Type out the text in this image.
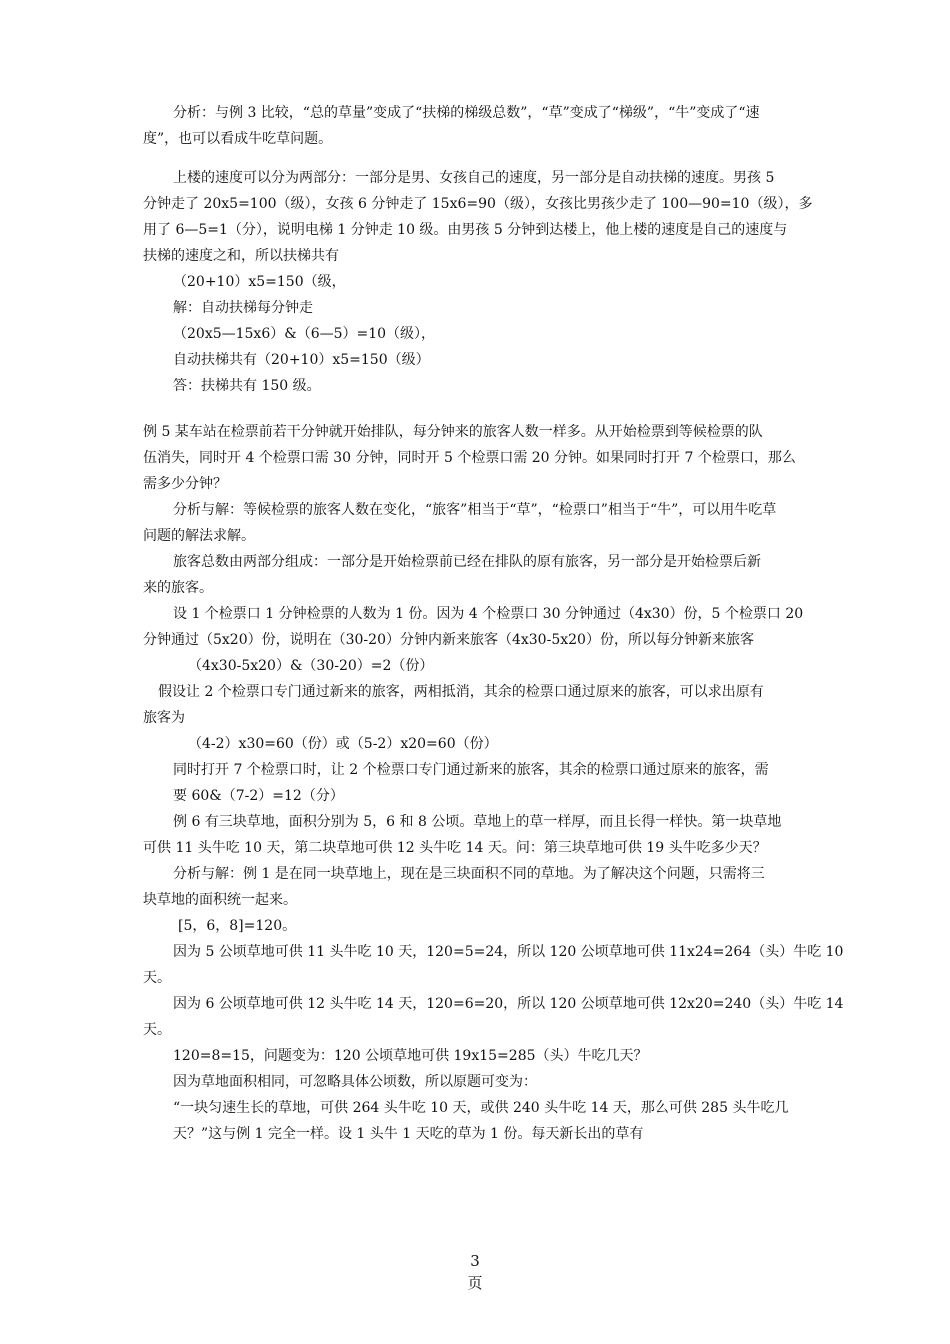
分析：与例 3 比较，“总的草量”变成了“扶梯的梯级总数”，“草”变成了“梯级”，“牛”变成了“速
度”，也可以看成牛吃草问题。
上楼的速度可以分为两部分：一部分是男、女孩自己的速度，另一部分是自动扶梯的速度。男孩 5
分钟走了 20x5=100（级），女孩 6 分钟走了 15x6=90（级），女孩比男孩少走了 100—90=10（级），多
用了 6—5=1（分），说明电梯 1 分钟走 10 级。由男孩 5 分钟到达楼上，他上楼的速度是自己的速度与
扶梯的速度之和，所以扶梯共有
（20+10）x5=150（级，
解：自动扶梯每分钟走
（20x5—15x6）&（6—5）=10（级），
自动扶梯共有（20+10）x5=150（级）
答：扶梯共有 150 级。
例 5 某车站在检票前若干分钟就开始排队，每分钟来的旅客人数一样多。从开始检票到等候检票的队
伍消失，同时开 4 个检票口需 30 分钟，同时开 5 个检票口需 20 分钟。如果同时打开 7 个检票口，那么
需多少分钟？
分析与解：等候检票的旅客人数在变化，“旅客”相当于“草”，“检票口”相当于“牛”，可以用牛吃草
问题的解法求解。
旅客总数由两部分组成：一部分是开始检票前已经在排队的原有旅客，另一部分是开始检票后新
来的旅客。
设 1 个检票口 1 分钟检票的人数为 1 份。因为 4 个检票口 30 分钟通过（4x30）份，5 个检票口 20
分钟通过（5x20）份，说明在（30-20）分钟内新来旅客（4x30-5x20）份，所以每分钟新来旅客
（4x30-5x20）&（30-20）=2（份）
假设让 2 个检票口专门通过新来的旅客，两相抵消，其余的检票口通过原来的旅客，可以求出原有
旅客为
（4-2）x30=60（份）或（5-2）x20=60（份）
同时打开 7 个检票口时，让 2 个检票口专门通过新来的旅客，其余的检票口通过原来的旅客，需
要 60&（7-2）=12（分）
例 6 有三块草地，面积分别为 5，6 和 8 公顷。草地上的草一样厚，而且长得一样快。第一块草地
可供 11 头牛吃 10 天，第二块草地可供 12 头牛吃 14 天。问：第三块草地可供 19 头牛吃多少天？
分析与解：例 1 是在同一块草地上，现在是三块面积不同的草地。为了解决这个问题，只需将三
块草地的面积统一起来。
[5，6，8]=120。
因为 5 公顷草地可供 11 头牛吃 10 天，120=5=24，所以 120 公顷草地可供 11x24=264（头）牛吃 10
天。
因为 6 公顷草地可供 12 头牛吃 14 天，120=6=20，所以 120 公顷草地可供 12x20=240（头）牛吃 14
天。
120=8=15，问题变为：120 公顷草地可供 19x15=285（头）牛吃几天？
因为草地面积相同，可忽略具体公顷数，所以原题可变为：
“一块匀速生长的草地，可供 264 头牛吃 10 天，或供 240 头牛吃 14 天，那么可供 285 头牛吃几
天？”这与例 1 完全一样。设 1 头牛 1 天吃的草为 1 份。每天新长出的草有
3
页
